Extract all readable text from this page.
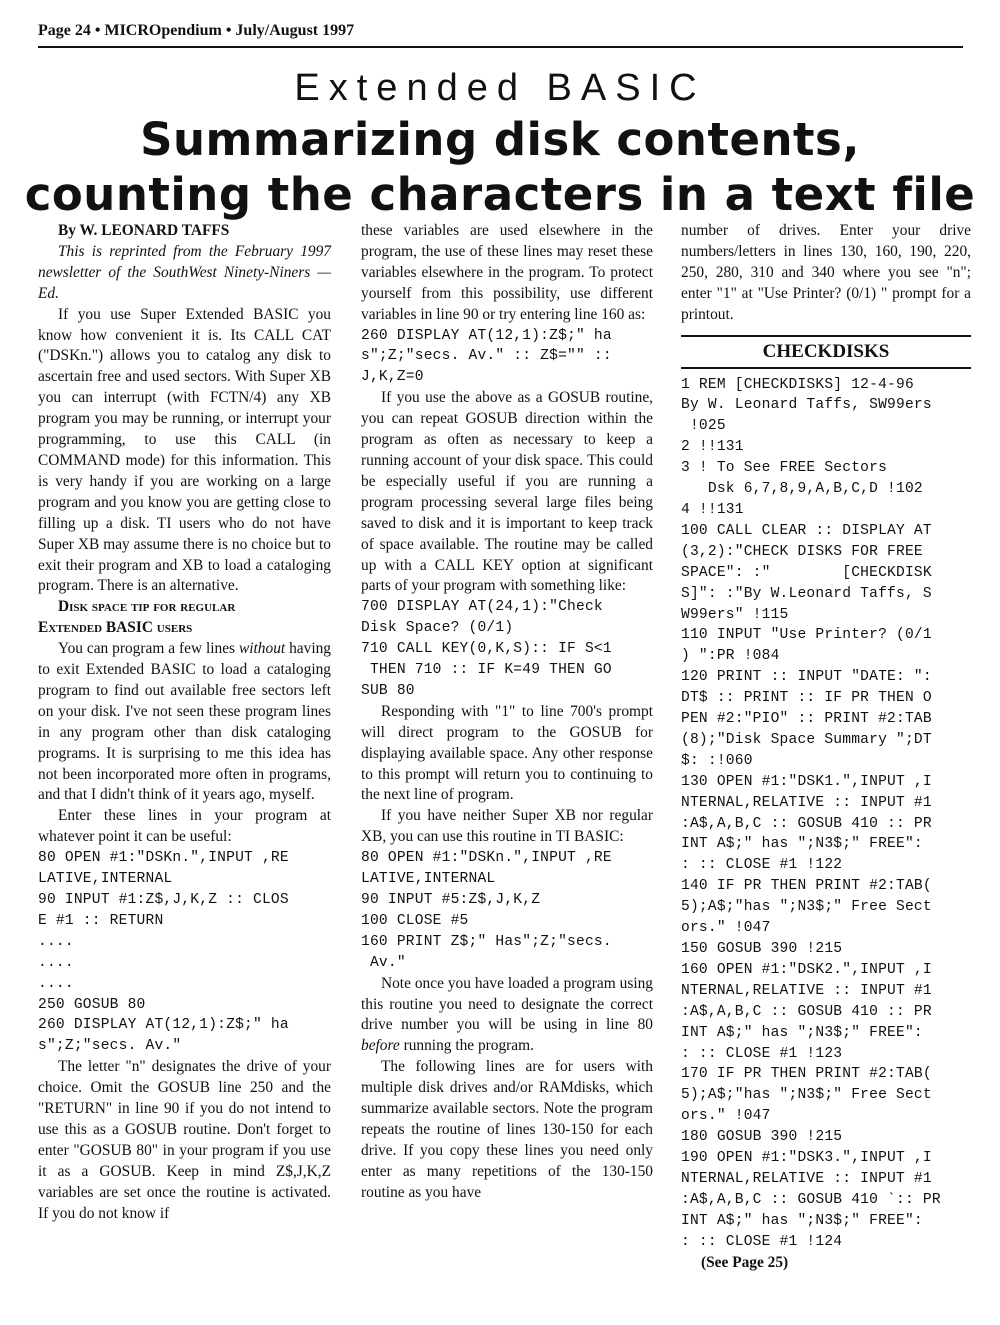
Page 24 • MICROpendium • July/August 1997
Extended BASIC
Summarizing disk contents,
counting the characters in a text file

By W. LEONARD TAFFS

This is reprinted from the February 1997 newsletter of the SouthWest Ninety-Niners — Ed.

If you use Super Extended BASIC you know how convenient it is. Its CALL CAT ("DSKn.") allows you to catalog any disk to ascertain free and used sectors. With Super XB you can interrupt (with FCTN/4) any XB program you may be running, or interrupt your programming, to use this CALL (in COMMAND mode) for this information. This is very handy if you are working on a large program and you know you are getting close to filling up a disk. TI users who do not have Super XB may assume there is no choice but to exit their program and XB to load a cataloging program. There is an alternative.

Disk space tip for regular
Extended BASIC users

You can program a few lines without having to exit Extended BASIC to load a cataloging program to find out available free sectors left on your disk. I've not seen these program lines in any program other than disk cataloging programs. It is surprising to me this idea has not been incorporated more often in programs, and that I didn't think of it years ago, myself.

Enter these lines in your program at whatever point it can be useful:

80 OPEN #1:"DSKn.",INPUT ,RE
LATIVE,INTERNAL
90 INPUT #1:Z$,J,K,Z :: CLOS
E #1 :: RETURN
....
....
....
250 GOSUB 80
260 DISPLAY AT(12,1):Z$;" ha
s";Z;"secs. Av."

The letter "n" designates the drive of your choice. Omit the GOSUB line 250 and the "RETURN" in line 90 if you do not intend to use this as a GOSUB routine. Don't forget to enter "GOSUB 80" in your program if you use it as a GOSUB. Keep in mind Z$,J,K,Z variables are set once the routine is activated. If you do not know if

these variables are used elsewhere in the program, the use of these lines may reset these variables elsewhere in the program. To protect yourself from this possibility, use different variables in line 90 or try entering line 160 as:

260 DISPLAY AT(12,1):Z$;" ha
s";Z;"secs. Av." :: Z$="" ::
J,K,Z=0

If you use the above as a GOSUB routine, you can repeat GOSUB direction within the program as often as necessary to keep a running account of your disk space. This could be especially useful if you are running a program processing several large files being saved to disk and it is important to keep track of space available. The routine may be called up with a CALL KEY option at significant parts of your program with something like:

700 DISPLAY AT(24,1):"Check
Disk Space? (0/1)
710 CALL KEY(0,K,S):: IF S<1
THEN 710 :: IF K=49 THEN GO
SUB 80

Responding with "1" to line 700's prompt will direct program to the GOSUB for displaying available space. Any other response to this prompt will return you to continuing to the next line of program.

If you have neither Super XB nor regular XB, you can use this routine in TI BASIC:

80 OPEN #1:"DSKn.",INPUT ,RE
LATIVE,INTERNAL
90 INPUT #5:Z$,J,K,Z
100 CLOSE #5
160 PRINT Z$;" Has";Z;"secs.
Av."

Note once you have loaded a program using this routine you need to designate the correct drive number you will be using in line 80 before running the program.

The following lines are for users with multiple disk drives and/or RAMdisks, which summarize available sectors. Note the program repeats the routine of lines 130-150 for each drive. If you copy these lines you need only enter as many repetitions of the 130-150 routine as you have

number of drives. Enter your drive numbers/letters in lines 130, 160, 190, 220, 250, 280, 310 and 340 where you see "n"; enter "1" at "Use Printer? (0/1) " prompt for a printout.

CHECKDISKS
1 REM [CHECKDISKS] 12-4-96
By W. Leonard Taffs, SW99ers
!025
2 !!131
3 ! To See FREE Sectors
Dsk 6,7,8,9,A,B,C,D !102
4 !!131
100 CALL CLEAR :: DISPLAY AT
(3,2):"CHECK DISKS FOR FREE
SPACE": :"        [CHECKDISK
S]": :"By W.Leonard Taffs, S
W99ers" !115
110 INPUT "Use Printer? (0/1
) ":PR !084
120 PRINT :: INPUT "DATE: ":
DT$ :: PRINT :: IF PR THEN O
PEN #2:"PIO" :: PRINT #2:TAB
(8);"Disk Space Summary ";DT
$: :!060
130 OPEN #1:"DSK1.",INPUT ,I
NTERNAL,RELATIVE :: INPUT #1
:A$,A,B,C :: GOSUB 410 :: PR
INT A$;" has ";N3$;" FREE":
: :: CLOSE #1 !122
140 IF PR THEN PRINT #2:TAB(
5);A$;"has ";N3$;" Free Sect
ors." !047
150 GOSUB 390 !215
160 OPEN #1:"DSK2.",INPUT ,I
NTERNAL,RELATIVE :: INPUT #1
:A$,A,B,C :: GOSUB 410 :: PR
INT A$;" has ";N3$;" FREE":
: :: CLOSE #1 !123
170 IF PR THEN PRINT #2:TAB(
5);A$;"has ";N3$;" Free Sect
ors." !047
180 GOSUB 390 !215
190 OPEN #1:"DSK3.",INPUT ,I
NTERNAL,RELATIVE :: INPUT #1
:A$,A,B,C :: GOSUB 410 `:: PR
INT A$;" has ";N3$;" FREE":
: :: CLOSE #1 !124

(See Page 25)
